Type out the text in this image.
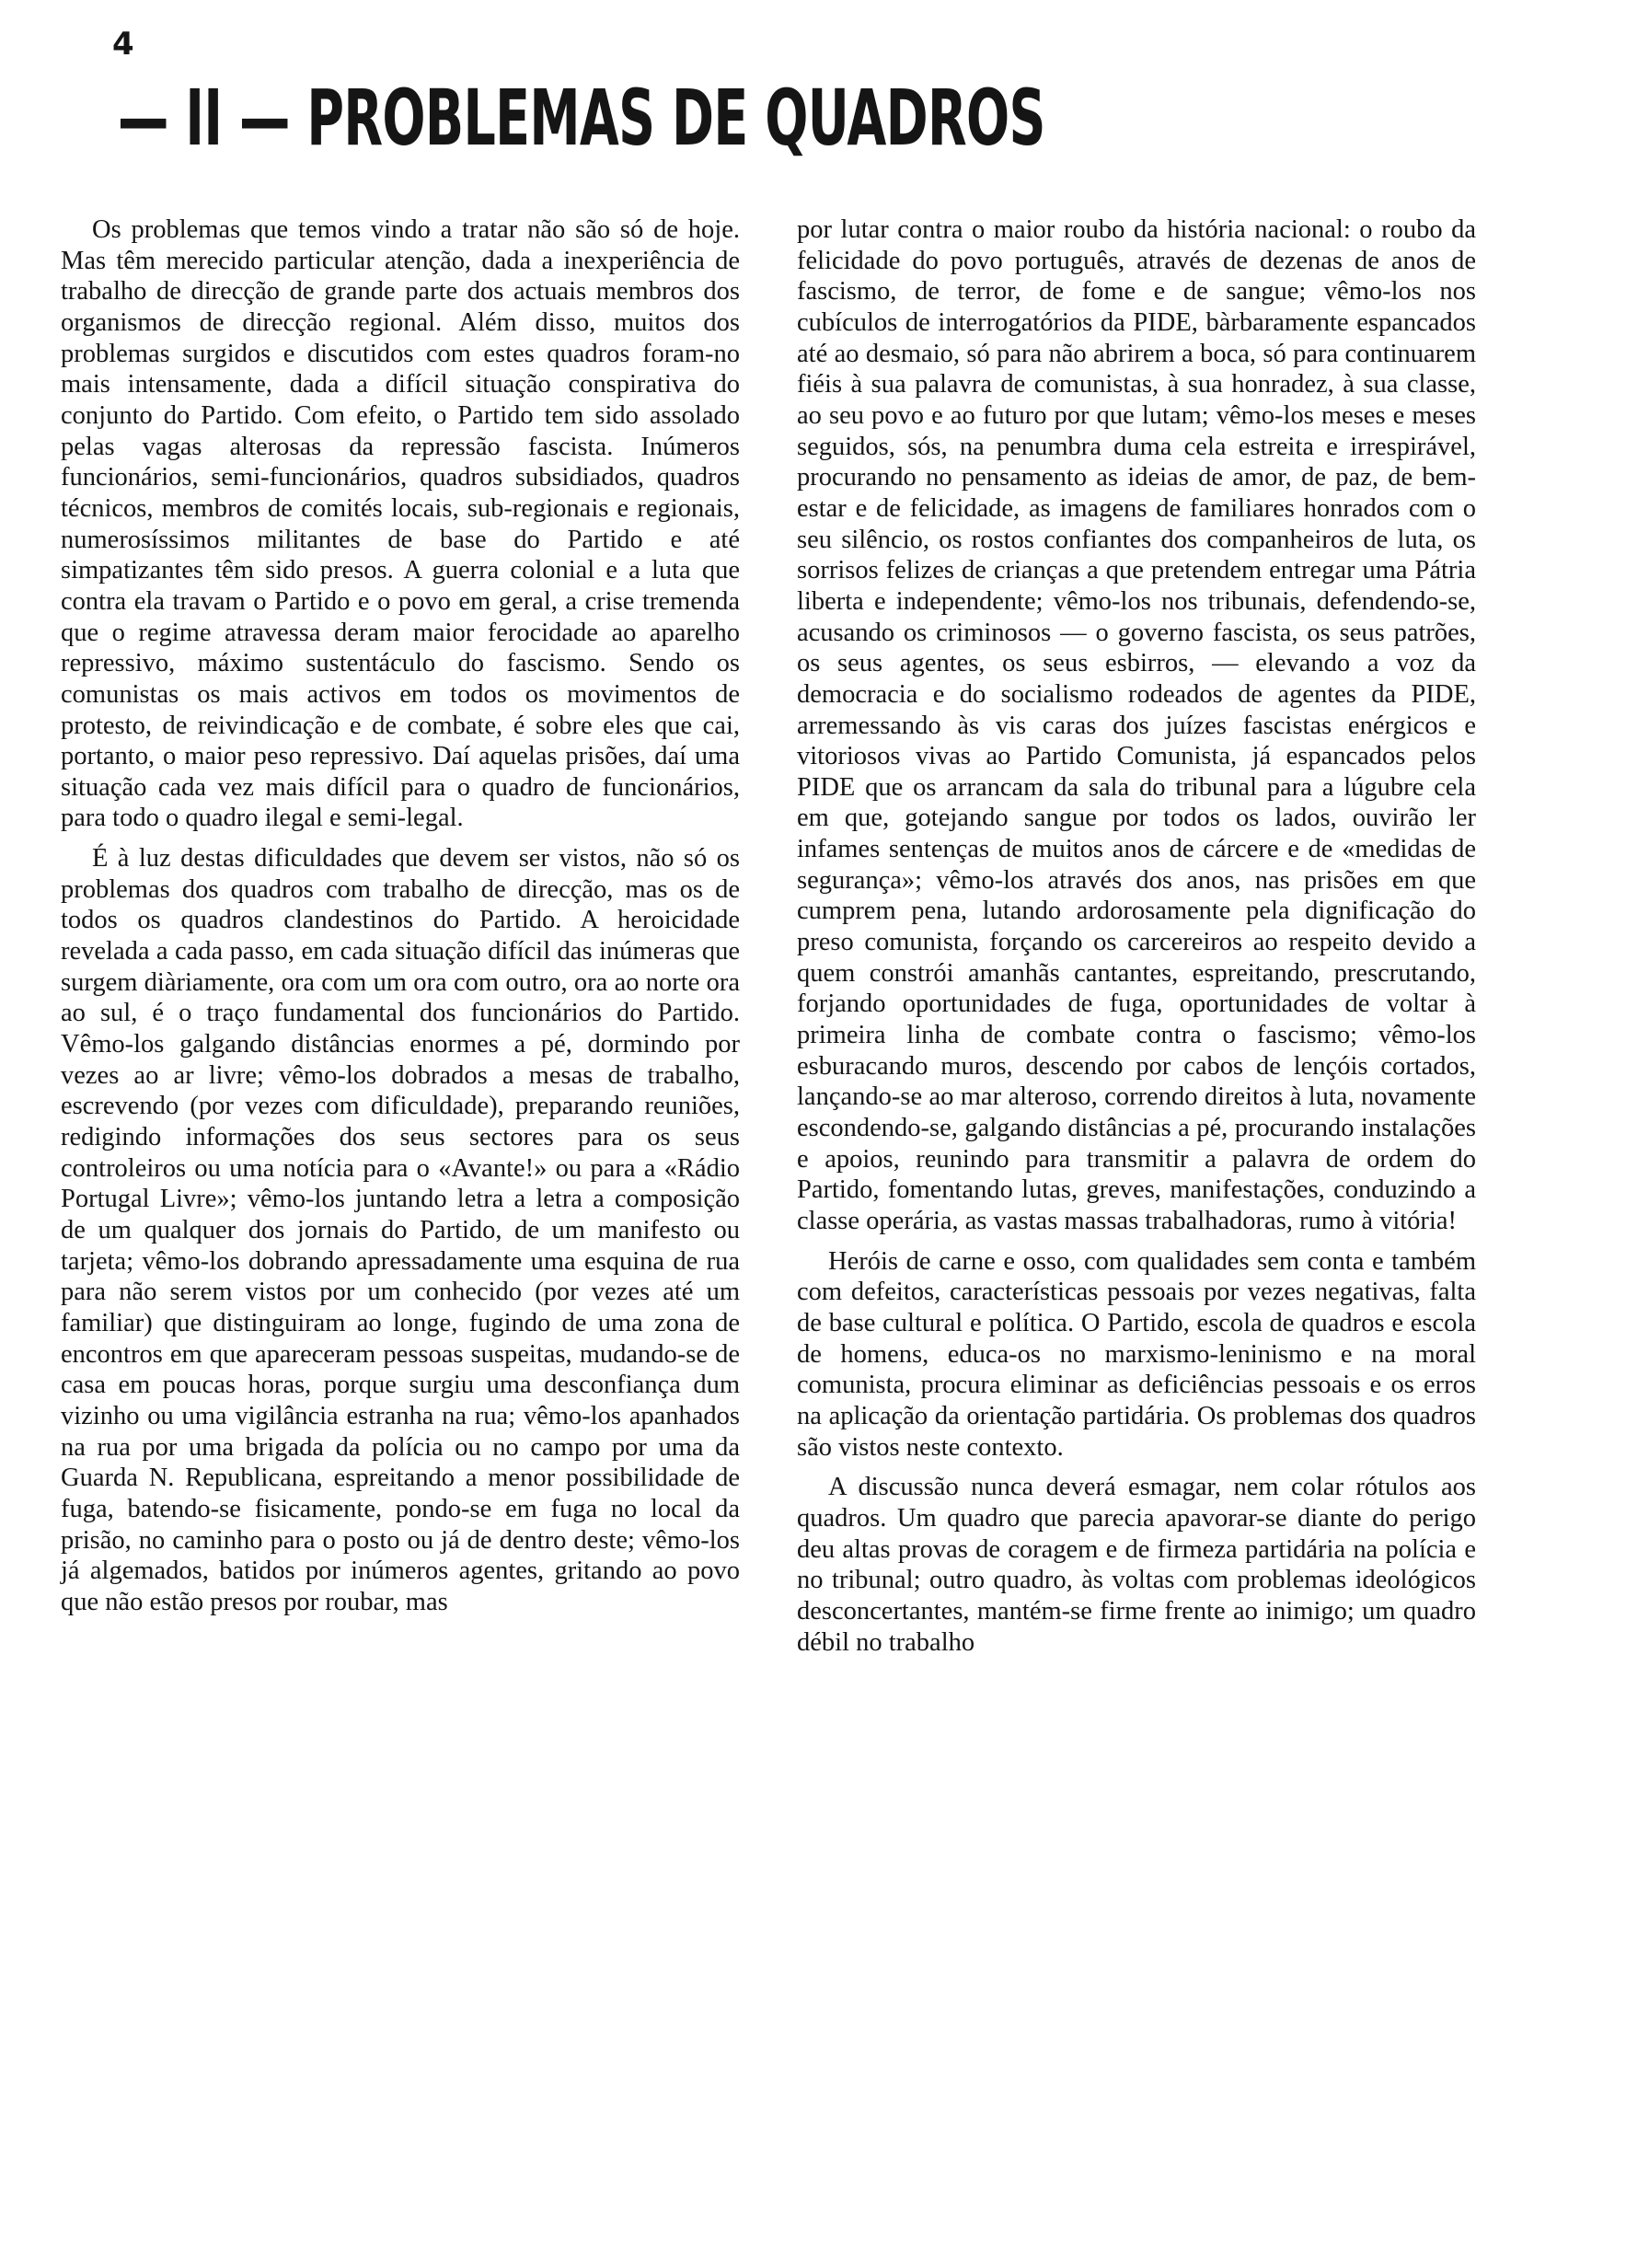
4
— II — PROBLEMAS DE QUADROS

Os problemas que temos vindo a tratar não são só de hoje. Mas têm merecido particular atenção, dada a inexperiência de trabalho de direcção de grande parte dos actuais membros dos organismos de direcção regional. Além disso, muitos dos problemas surgidos e discutidos com estes quadros foram-no mais intensamente, dada a difícil situação conspirativa do conjunto do Partido. Com efeito, o Partido tem sido assolado pelas vagas alterosas da repressão fascista. Inúmeros funcionários, semi-funcionários, quadros subsidiados, quadros técnicos, membros de comités locais, sub-regionais e regionais, numerosíssimos militantes de base do Partido e até simpatizantes têm sido presos. A guerra colonial e a luta que contra ela travam o Partido e o povo em geral, a crise tremenda que o regime atravessa deram maior ferocidade ao aparelho repressivo, máximo sustentáculo do fascismo. Sendo os comunistas os mais activos em todos os movimentos de protesto, de reivindicação e de combate, é sobre eles que cai, portanto, o maior peso repressivo. Daí aquelas prisões, daí uma situação cada vez mais difícil para o quadro de funcionários, para todo o quadro ilegal e semi-legal.

É à luz destas dificuldades que devem ser vistos, não só os problemas dos quadros com trabalho de direcção, mas os de todos os quadros clandestinos do Partido. A heroicidade revelada a cada passo, em cada situação difícil das inúmeras que surgem diàriamente, ora com um ora com outro, ora ao norte ora ao sul, é o traço fundamental dos funcionários do Partido. Vêmo-los galgando distâncias enormes a pé, dormindo por vezes ao ar livre; vêmo-los dobrados a mesas de trabalho, escrevendo (por vezes com dificuldade), preparando reuniões, redigindo informações dos seus sectores para os seus controleiros ou uma notícia para o «Avante!» ou para a «Rádio Portugal Livre»; vêmo-los juntando letra a letra a composição de um qualquer dos jornais do Partido, de um manifesto ou tarjeta; vêmo-los dobrando apressadamente uma esquina de rua para não serem vistos por um conhecido (por vezes até um familiar) que distinguiram ao longe, fugindo de uma zona de encontros em que apareceram pessoas suspeitas, mudando-se de casa em poucas horas, porque surgiu uma desconfiança dum vizinho ou uma vigilância estranha na rua; vêmo-los apanhados na rua por uma brigada da polícia ou no campo por uma da Guarda N. Republicana, espreitando a menor possibilidade de fuga, batendo-se fisicamente, pondo-se em fuga no local da prisão, no caminho para o posto ou já de dentro deste; vêmo-los já algemados, batidos por inúmeros agentes, gritando ao povo que não estão presos por roubar, mas

por lutar contra o maior roubo da história nacional: o roubo da felicidade do povo português, através de dezenas de anos de fascismo, de terror, de fome e de sangue; vêmo-los nos cubículos de interrogatórios da PIDE, bàrbaramente espancados até ao desmaio, só para não abrirem a boca, só para continuarem fiéis à sua palavra de comunistas, à sua honradez, à sua classe, ao seu povo e ao futuro por que lutam; vêmo-los meses e meses seguidos, sós, na penumbra duma cela estreita e irrespirável, procurando no pensamento as ideias de amor, de paz, de bem-estar e de felicidade, as imagens de familiares honrados com o seu silêncio, os rostos confiantes dos companheiros de luta, os sorrisos felizes de crianças a que pretendem entregar uma Pátria liberta e independente; vêmo-los nos tribunais, defendendo-se, acusando os criminosos — o governo fascista, os seus patrões, os seus agentes, os seus esbirros, — elevando a voz da democracia e do socialismo rodeados de agentes da PIDE, arremessando às vis caras dos juízes fascistas enérgicos e vitoriosos vivas ao Partido Comunista, já espancados pelos PIDE que os arrancam da sala do tribunal para a lúgubre cela em que, gotejando sangue por todos os lados, ouvirão ler infames sentenças de muitos anos de cárcere e de «medidas de segurança»; vêmo-los através dos anos, nas prisões em que cumprem pena, lutando ardorosamente pela dignificação do preso comunista, forçando os carcereiros ao respeito devido a quem constrói amanhãs cantantes, espreitando, prescrutando, forjando oportunidades de fuga, oportunidades de voltar à primeira linha de combate contra o fascismo; vêmo-los esburacando muros, descendo por cabos de lençóis cortados, lançando-se ao mar alteroso, correndo direitos à luta, novamente escondendo-se, galgando distâncias a pé, procurando instalações e apoios, reunindo para transmitir a palavra de ordem do Partido, fomentando lutas, greves, manifestações, conduzindo a classe operária, as vastas massas trabalhadoras, rumo à vitória!

Heróis de carne e osso, com qualidades sem conta e também com defeitos, características pessoais por vezes negativas, falta de base cultural e política. O Partido, escola de quadros e escola de homens, educa-os no marxismo-leninismo e na moral comunista, procura eliminar as deficiências pessoais e os erros na aplicação da orientação partidária. Os problemas dos quadros são vistos neste contexto.

A discussão nunca deverá esmagar, nem colar rótulos aos quadros. Um quadro que parecia apavorar-se diante do perigo deu altas provas de coragem e de firmeza partidária na polícia e no tribunal; outro quadro, às voltas com problemas ideológicos desconcertantes, mantém-se firme frente ao inimigo; um quadro débil no trabalho
